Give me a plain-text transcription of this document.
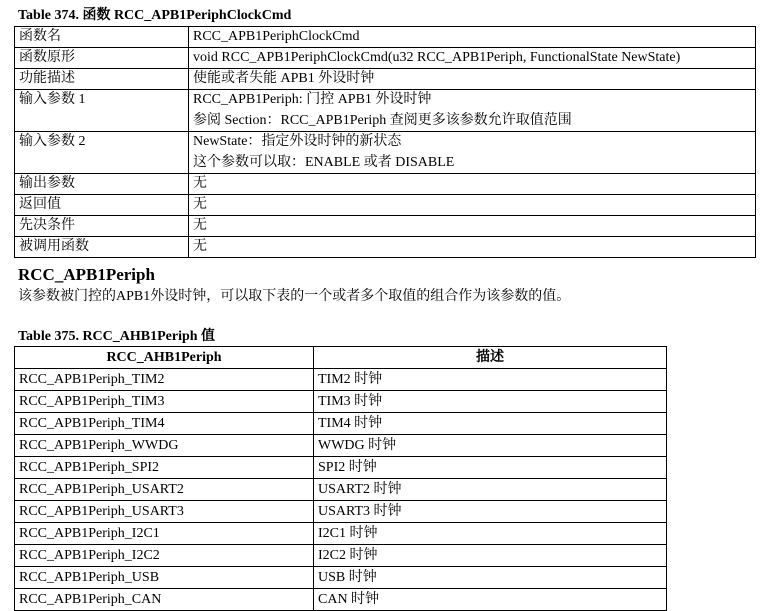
Table 374. 函数 RCC_APB1PeriphClockCmd
函数名	RCC_APB1PeriphClockCmd

函数原形	void RCC_APB1PeriphClockCmd(u32 RCC_APB1Periph, FunctionalState NewState)

功能描述	使能或者失能 APB1 外设时钟

输入参数 1	RCC_APB1Periph: 门控 APB1 外设时钟
参阅 Section：RCC_APB1Periph 查阅更多该参数允许取值范围

输入参数 2	NewState：指定外设时钟的新状态
这个参数可以取：ENABLE 或者 DISABLE

输出参数	无

返回值	无

先决条件	无

被调用函数	无
RCC_APB1Periph
该参数被门控的APB1外设时钟，可以取下表的一个或者多个取值的组合作为该参数的值。
Table 375. RCC_AHB1Periph 值
RCC_AHB1Periph	描述
RCC_APB1Periph_TIM2	TIM2 时钟
RCC_APB1Periph_TIM3	TIM3 时钟
RCC_APB1Periph_TIM4	TIM4 时钟
RCC_APB1Periph_WWDG	WWDG 时钟
RCC_APB1Periph_SPI2	SPI2 时钟
RCC_APB1Periph_USART2	USART2 时钟
RCC_APB1Periph_USART3	USART3 时钟
RCC_APB1Periph_I2C1	I2C1 时钟
RCC_APB1Periph_I2C2	I2C2 时钟
RCC_APB1Periph_USB	USB 时钟
RCC_APB1Periph_CAN	CAN 时钟
